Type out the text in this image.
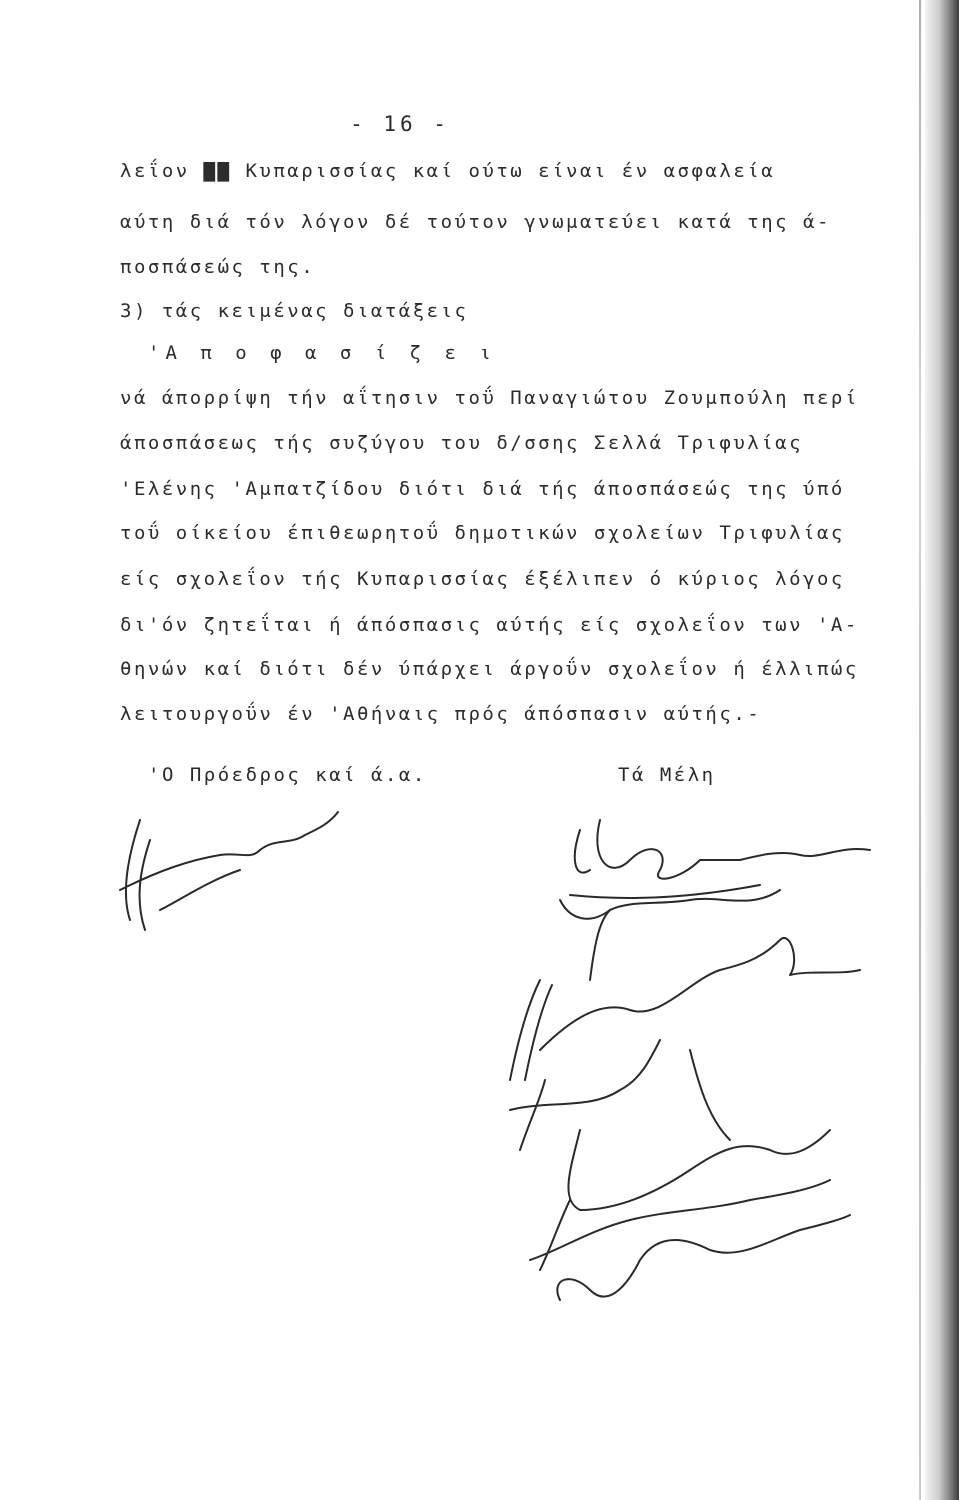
- 16 -
λεΐον ▇▇ Κυπαρισσίας καί ούτω είναι έν ασφαλεία
αύτη διά τόν λόγον δέ τούτον γνωματεύει κατά της ά-
ποσπάσεώς της.
3) τάς κειμένας διατάξεις
'Α π ο φ α σ ί ζ ε ι
νά άπορρίψη τήν αΐτησιν τοΰ Παναγιώτου Ζουμπούλη περί
άποσπάσεως τής συζύγου του δ/σσης Σελλά Τριφυλίας
'Ελένης 'Αμπατζίδου διότι διά τής άποσπάσεώς της ύπό
τοΰ οίκείου έπιθεωρητοΰ δημοτικών σχολείων Τριφυλίας
είς σχολεΐον τής Κυπαρισσίας έξέλιπεν ό κύριος λόγος
δι'όν ζητεΐται ή άπόσπασις αύτής είς σχολεΐον των 'Α-
θηνών καί διότι δέν ύπάρχει άργοΰν σχολεΐον ή έλλιπώς
λειτουργοΰν έν 'Αθήναις πρός άπόσπασιν αύτής.-
'Ο Πρόεδρος καί ά.α.	Τά Μέλη
